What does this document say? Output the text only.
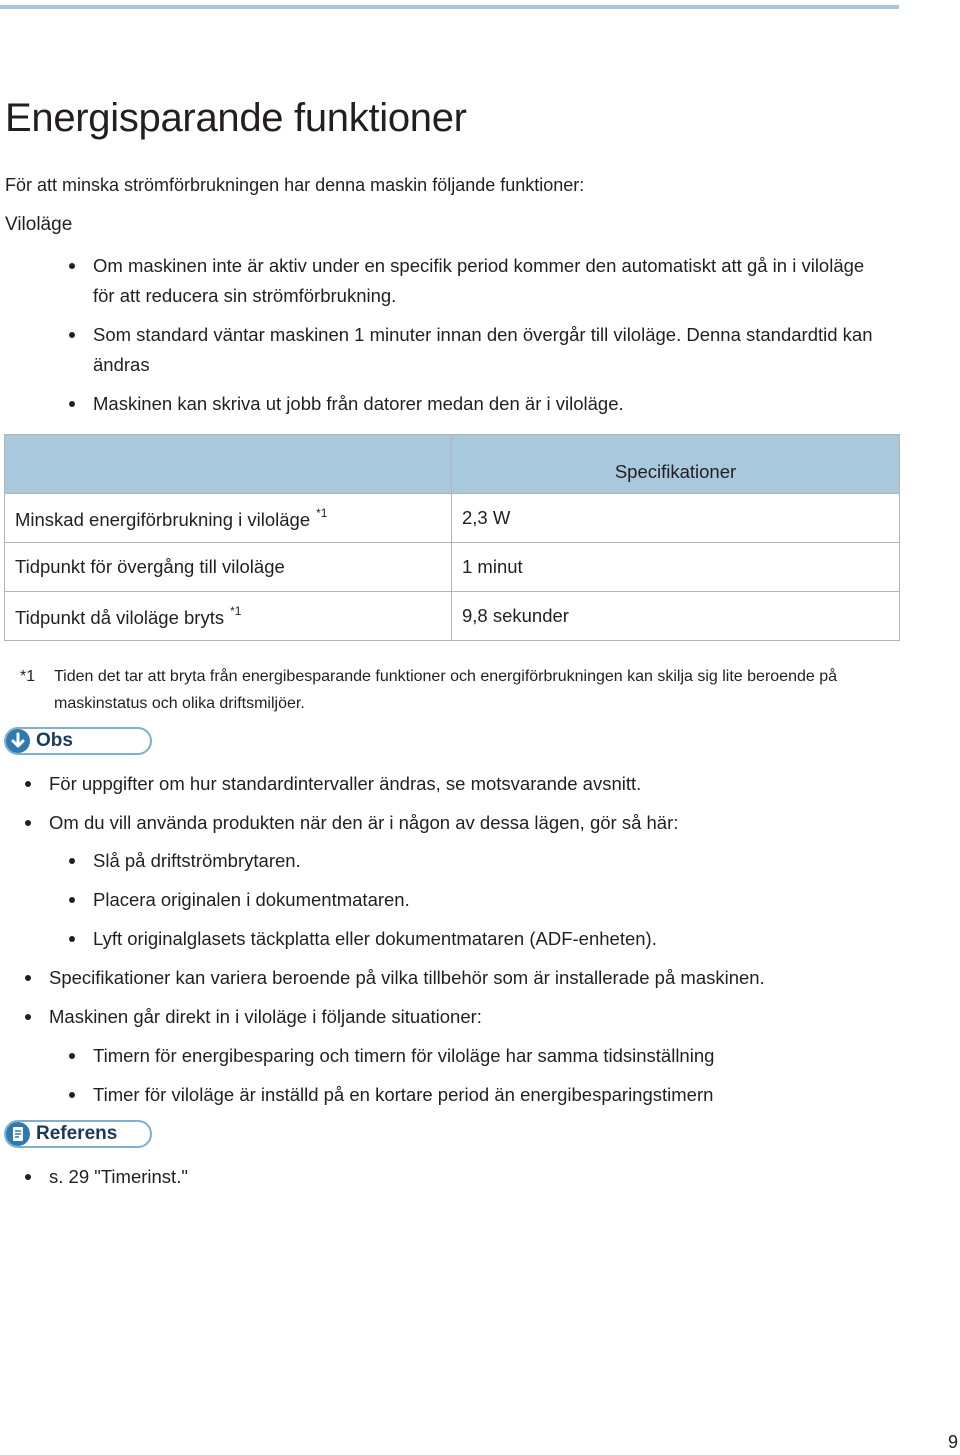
Energisparande funktioner
För att minska strömförbrukningen har denna maskin följande funktioner:
Viloläge
Om maskinen inte är aktiv under en specifik period kommer den automatiskt att gå in i viloläge för att reducera sin strömförbrukning.
Som standard väntar maskinen 1 minuter innan den övergår till viloläge. Denna standardtid kan ändras
Maskinen kan skriva ut jobb från datorer medan den är i viloläge.
	Specifikationer
Minskad energiförbrukning i viloläge $^{*1}$	2,3 W
Tidpunkt för övergång till viloläge	1 minut
Tidpunkt då viloläge bryts $^{*1}$	9,8 sekunder
*1 Tiden det tar att bryta från energibesparande funktioner och energiförbrukningen kan skilja sig lite beroende på maskinstatus och olika driftsmiljöer.
Obs
För uppgifter om hur standardintervaller ändras, se motsvarande avsnitt.
Om du vill använda produkten när den är i någon av dessa lägen, gör så här:
Slå på driftströmbrytaren.
Placera originalen i dokumentmataren.
Lyft originalglasets täckplatta eller dokumentmataren (ADF-enheten).
Specifikationer kan variera beroende på vilka tillbehör som är installerade på maskinen.
Maskinen går direkt in i viloläge i följande situationer:
Timern för energibesparing och timern för viloläge har samma tidsinställning
Timer för viloläge är inställd på en kortare period än energibesparingstimern
Referens
s. 29 "Timerinst."
9
